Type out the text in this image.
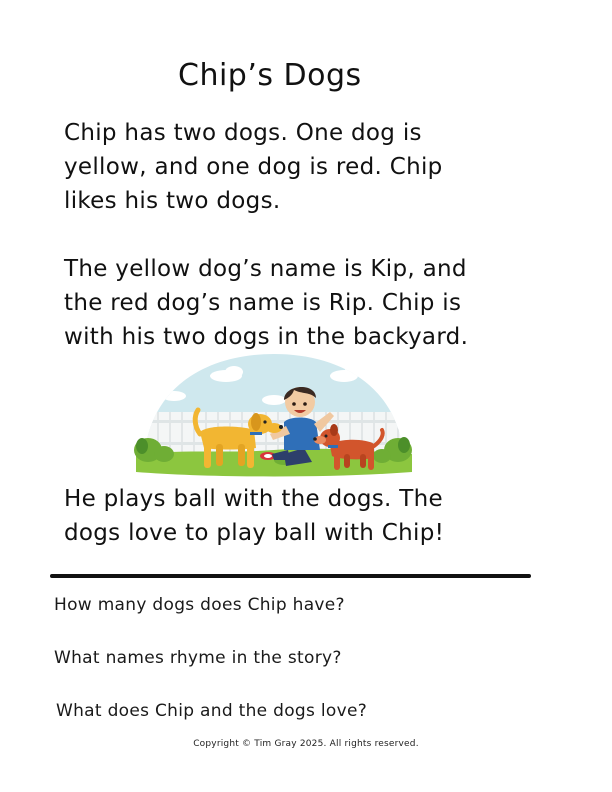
Chip’s Dogs

Chip has two dogs. One dog is
yellow, and one dog is red. Chip
likes his two dogs.

The yellow dog’s name is Kip, and
the red dog’s name is Rip. Chip is
with his two dogs in the backyard.

He plays ball with the dogs. The
dogs love to play ball with Chip!

How many dogs does Chip have?
What names rhyme in the story?
What does Chip and the dogs love?
Copyright © Tim Gray 2025. All rights reserved.
